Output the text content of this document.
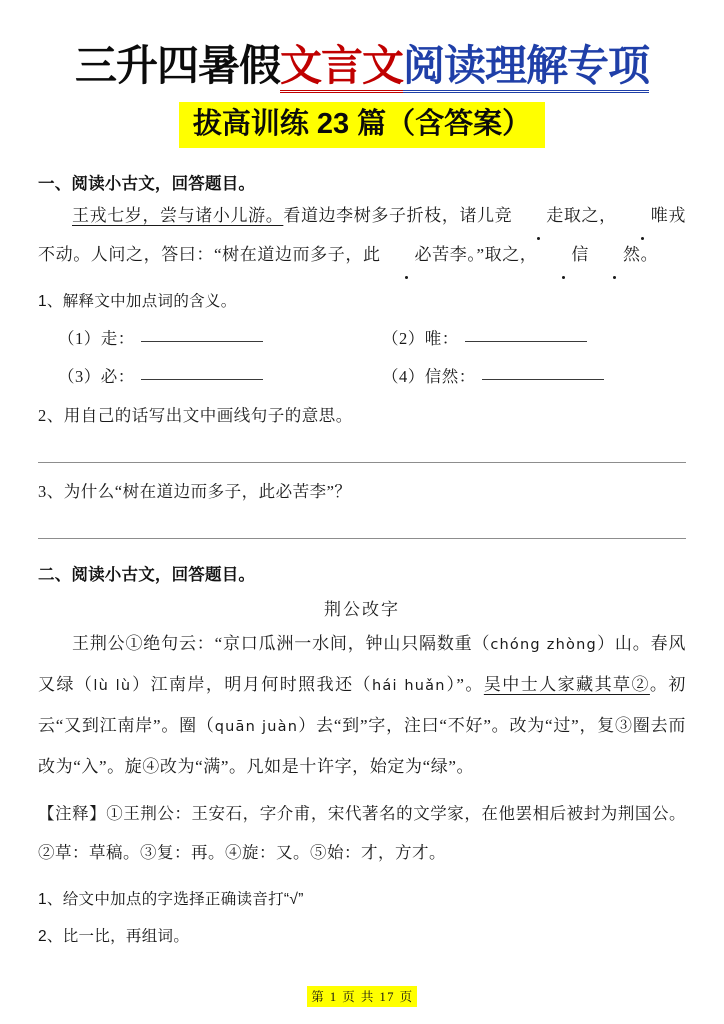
三升四暑假文言文阅读理解专项
拔高训练 23 篇（含答案）
一、阅读小古文，回答题目。

王戎七岁，尝与诸小儿游。看道边李树多子折枝，诸儿竞 走取之， 唯戎不动。人问之，答曰：“树在道边而多子，此 必苦李。”取之， 信 然。

1、解释文中加点词的含义。
（1）走：	（2）唯：
（3）必：	（4）信然：
2、用自己的话写出文中画线句子的意思。
3、为什么“树在道边而多子，此必苦李”？
二、阅读小古文，回答题目。
荆公改字

王荆公①绝句云：“京口瓜洲一水间，钟山只隔数重（chóng zhòng）山。春风又绿（lù lù）江南岸，明月何时照我还（hái huǎn）”。吴中士人家藏其草②。初云“又到江南岸”。圈（quān juàn）去“到”字，注曰“不好”。改为“过”，复③圈去而改为“入”。旋④改为“满”。凡如是十许字，始定为“绿”。

【注释】①王荆公：王安石，字介甫，宋代著名的文学家，在他罢相后被封为荆国公。②草：草稿。③复：再。④旋：又。⑤始：才，方才。
1、给文中加点的字选择正确读音打“√”
2、比一比，再组词。
第 1 页 共 17 页
